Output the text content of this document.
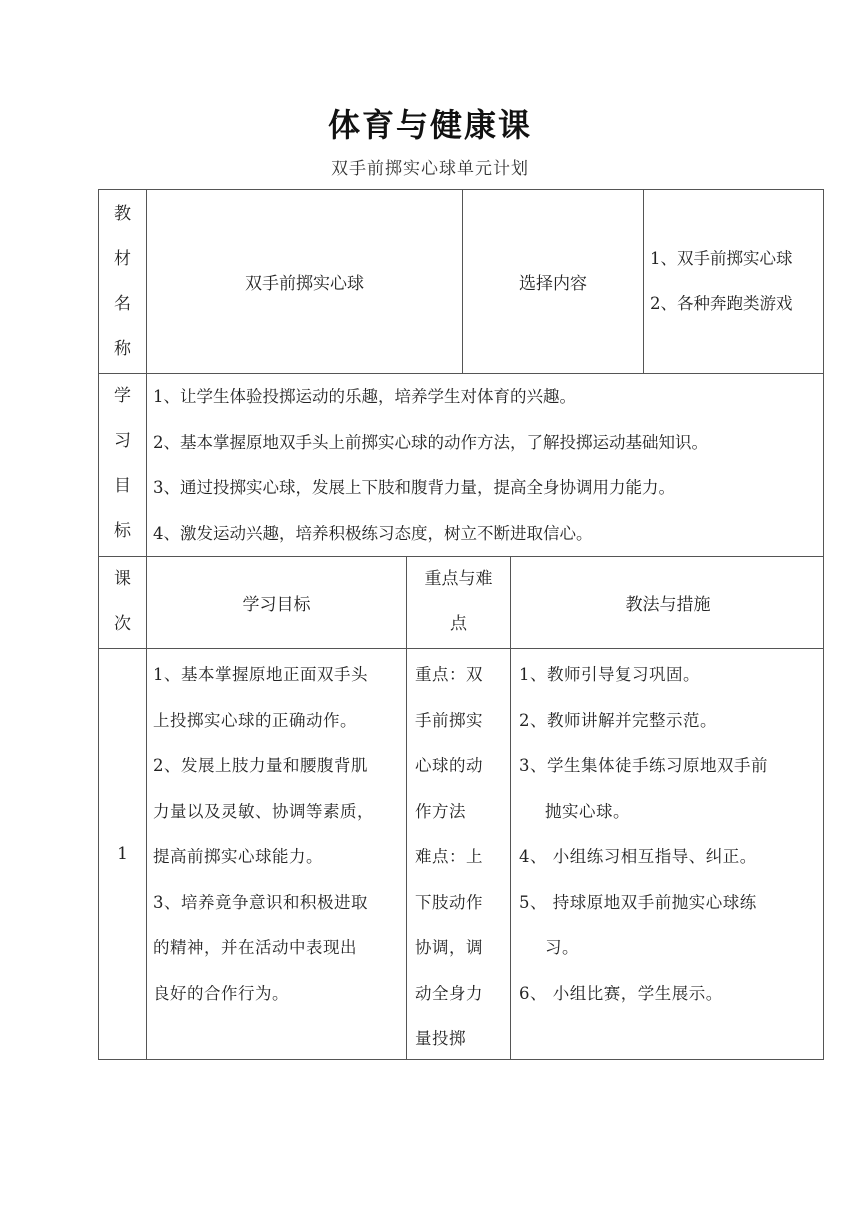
体育与健康课
双手前掷实心球单元计划
教
材
名
称
双手前掷实心球	选择内容
1、双手前掷实心球
2、各种奔跑类游戏
学
习
目
标
1、让学生体验投掷运动的乐趣，培养学生对体育的兴趣。
2、基本掌握原地双手头上前掷实心球的动作方法，了解投掷运动基础知识。
3、通过投掷实心球，发展上下肢和腹背力量，提高全身协调用力能力。
4、激发运动兴趣，培养积极练习态度，树立不断进取信心。
课
次
学习目标
重点与难
点
教法与措施
1
1、基本掌握原地正面双手头
上投掷实心球的正确动作。
2、发展上肢力量和腰腹背肌
力量以及灵敏、协调等素质，
提高前掷实心球能力。
3、培养竟争意识和积极进取
的精神，并在活动中表现出
良好的合作行为。
重点：双
手前掷实
心球的动
作方法
难点：上
下肢动作
协调，调
动全身力
量投掷
1、教师引导复习巩固。
2、教师讲解并完整示范。
3、学生集体徒手练习原地双手前
抛实心球。
4、 小组练习相互指导、纠正。
5、 持球原地双手前抛实心球练
习。
6、 小组比赛，学生展示。
